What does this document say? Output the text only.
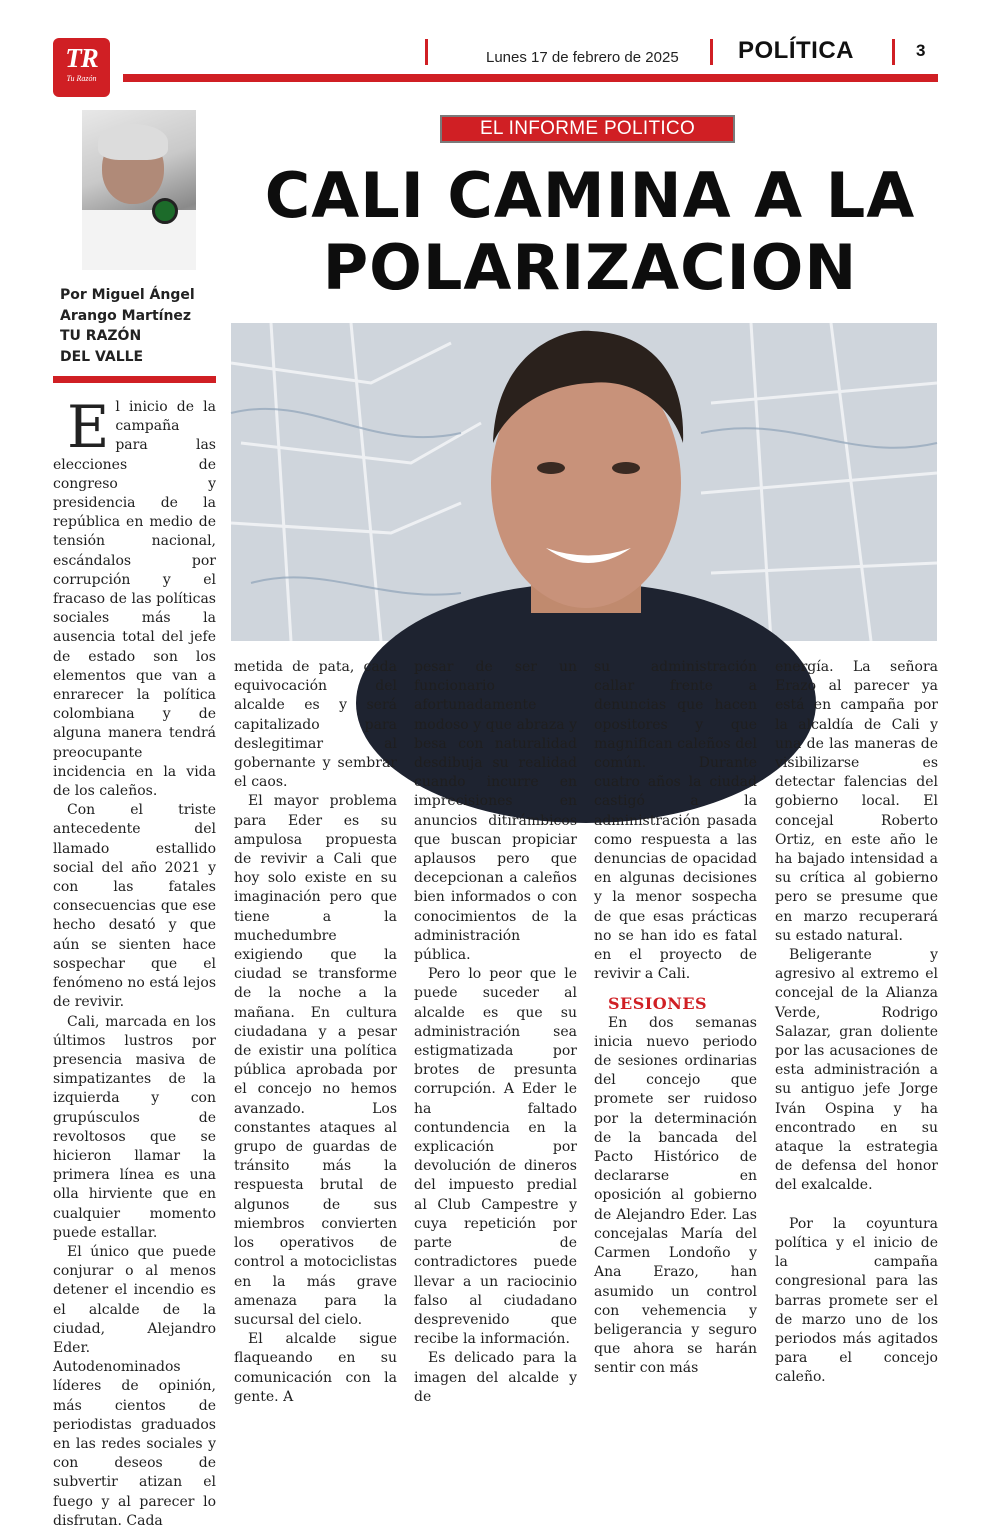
TR
Tu Razón
Lunes 17 de febrero de 2025 POLÍTICA	3
Por Miguel Ángel
Arango Martínez
TU RAZÓN
DEL VALLE
EL INFORME POLITICO
CALI CAMINA A LA
POLARIZACION

El inicio de la campaña para las elecciones de congreso y presidencia de la república en medio de tensión nacional, escándalos por corrupción y el fracaso de las políticas sociales más la ausencia total del jefe de estado son los elementos que van a enrarecer la política colombiana y de alguna manera tendrá preocupante incidencia en la vida de los caleños.

Con el triste antecedente del llamado estallido social del año 2021 y con las fatales consecuencias que ese hecho desató y que aún se sienten hace sospechar que el fenómeno no está lejos de revivir.

Cali, marcada en los últimos lustros por presencia masiva de simpatizantes de la izquierda y con grupúsculos de revoltosos que se hicieron llamar la primera línea es una olla hirviente que en cualquier momento puede estallar.

El único que puede conjurar o al menos detener el incendio es el alcalde de la ciudad, Alejandro Eder. Autodenominados líderes de opinión, más cientos de periodistas graduados en las redes sociales y con deseos de subvertir atizan el fuego y al parecer lo disfrutan. Cada

metida de pata, cada equivocación del alcalde es y será capitalizado para deslegitimar al gobernante y sembrar el caos.

El mayor problema para Eder es su ampulosa propuesta de revivir a Cali que hoy solo existe en su imaginación pero que tiene a la muchedumbre exigiendo que la ciudad se transforme de la noche a la mañana. En cultura ciudadana y a pesar de existir una política pública aprobada por el concejo no hemos avanzado. Los constantes ataques al grupo de guardas de tránsito más la respuesta brutal de algunos de sus miembros convierten los operativos de control a motociclistas en la más grave amenaza para la sucursal del cielo.

El alcalde sigue flaqueando en su comunicación con la gente. A

pesar de ser un funcionario afortunadamente modoso y que abraza y besa con naturalidad desdibuja su realidad cuando incurre en imprecisiones en anuncios ditirámbicos que buscan propiciar aplausos pero que decepcionan a caleños bien informados o con conocimientos de la administración pública.

Pero lo peor que le puede suceder al alcalde es que su administración sea estigmatizada por brotes de presunta corrupción. A Eder le ha faltado contundencia en la explicación por devolución de dineros del impuesto predial al Club Campestre y cuya repetición por parte de contradictores puede llevar a un raciocinio falso al ciudadano desprevenido que recibe la información.

Es delicado para la imagen del alcalde y de

su administración callar frente a denuncias que hacen opositores y que magnifican caleños del común. Durante cuatro años la ciudad castigó a la administración pasada como respuesta a las denuncias de opacidad en algunas decisiones y la menor sospecha de que esas prácticas no se han ido es fatal en el proyecto de revivir a Cali.

SESIONES

En dos semanas inicia nuevo periodo de sesiones ordinarias del concejo que promete ser ruidoso por la determinación de la bancada del Pacto Histórico de declararse en oposición al gobierno de Alejandro Eder. Las concejalas María del Carmen Londoño y Ana Erazo, han asumido un control con vehemencia y beligerancia y seguro que ahora se harán sentir con más

energía. La señora Erazo al parecer ya está en campaña por la alcaldía de Cali y una de las maneras de visibilizarse es detectar falencias del gobierno local. El concejal Roberto Ortiz, en este año le ha bajado intensidad a su crítica al gobierno pero se presume que en marzo recuperará su estado natural.

Beligerante y agresivo al extremo el concejal de la Alianza Verde, Rodrigo Salazar, gran doliente por las acusaciones de esta administración a su antiguo jefe Jorge Iván Ospina y ha encontrado en su ataque la estrategia de defensa del honor del exalcalde.

Por la coyuntura política y el inicio de la campaña congresional para las barras promete ser el de marzo uno de los periodos más agitados para el concejo caleño.
